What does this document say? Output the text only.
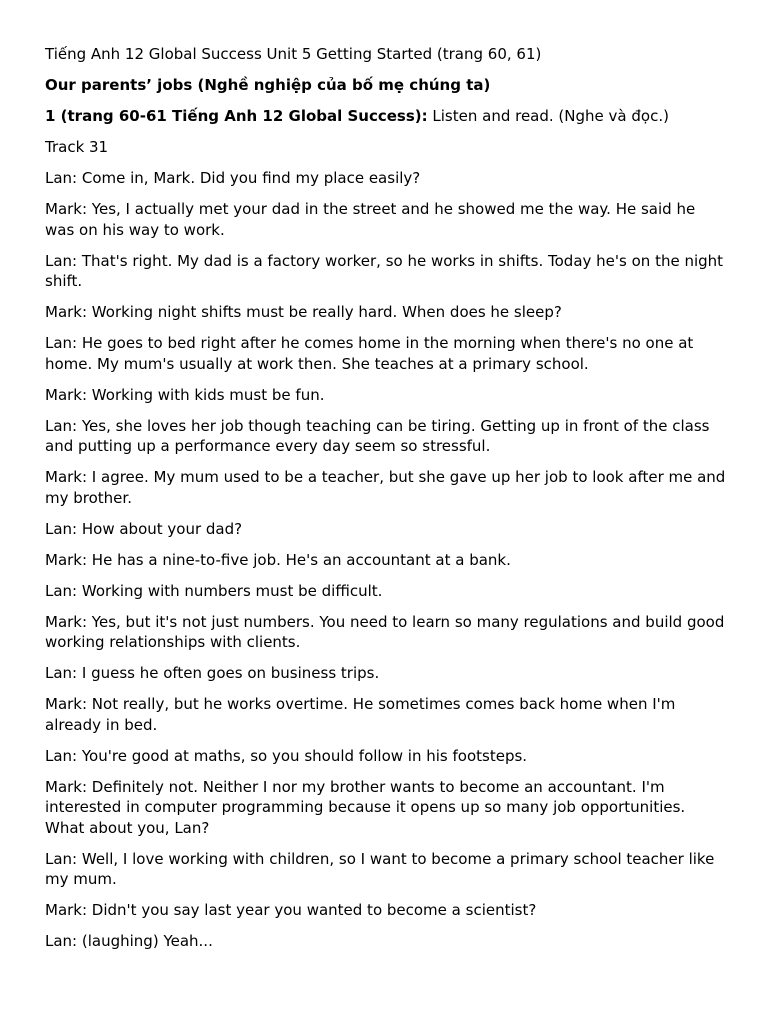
Tiếng Anh 12 Global Success Unit 5 Getting Started (trang 60, 61)

Our parents’ jobs (Nghề nghiệp của bố mẹ chúng ta)

1 (trang 60-61 Tiếng Anh 12 Global Success): Listen and read. (Nghe và đọc.)

Track 31

Lan: Come in, Mark. Did you find my place easily?

Mark: Yes, I actually met your dad in the street and he showed me the way. He said he was on his way to work.

Lan: That's right. My dad is a factory worker, so he works in shifts. Today he's on the night shift.

Mark: Working night shifts must be really hard. When does he sleep?

Lan: He goes to bed right after he comes home in the morning when there's no one at home. My mum's usually at work then. She teaches at a primary school.

Mark: Working with kids must be fun.

Lan: Yes, she loves her job though teaching can be tiring. Getting up in front of the class and putting up a performance every day seem so stressful.

Mark: I agree. My mum used to be a teacher, but she gave up her job to look after me and my brother.

Lan: How about your dad?

Mark: He has a nine-to-five job. He's an accountant at a bank.

Lan: Working with numbers must be difficult.

Mark: Yes, but it's not just numbers. You need to learn so many regulations and build good working relationships with clients.

Lan: I guess he often goes on business trips.

Mark: Not really, but he works overtime. He sometimes comes back home when I'm already in bed.

Lan: You're good at maths, so you should follow in his footsteps.

Mark: Definitely not. Neither I nor my brother wants to become an accountant. I'm interested in computer programming because it opens up so many job opportunities. What about you, Lan?

Lan: Well, I love working with children, so I want to become a primary school teacher like my mum.

Mark: Didn't you say last year you wanted to become a scientist?

Lan: (laughing) Yeah...
